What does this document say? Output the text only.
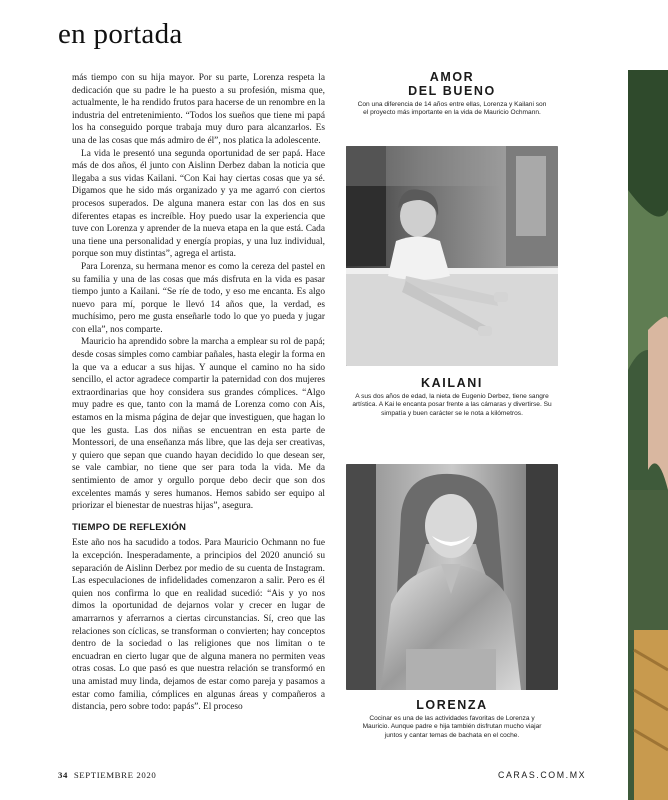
en portada

más tiempo con su hija mayor. Por su parte, Lorenza respeta la dedicación que su padre le ha puesto a su profesión, misma que, actualmente, le ha rendido frutos para hacerse de un renombre en la industria del entretenimiento. “Todos los sueños que tiene mi papá los ha conseguido porque trabaja muy duro para alcanzarlos. Es una de las cosas que más admiro de él”, nos platica la adolescente.

La vida le presentó una segunda oportunidad de ser papá. Hace más de dos años, él junto con Aislinn Derbez daban la noticia que llegaba a sus vidas Kailani. “Con Kai hay ciertas cosas que ya sé. Digamos que he sido más organizado y ya me agarró con ciertos procesos superados. De alguna manera estar con las dos en sus diferentes etapas es increíble. Hoy puedo usar la experiencia que tuve con Lorenza y aprender de la nueva etapa en la que está. Cada una tiene una personalidad y energía propias, y una luz individual, porque son muy distintas”, agrega el artista.

Para Lorenza, su hermana menor es como la cereza del pastel en su familia y una de las cosas que más disfruta en la vida es pasar tiempo junto a Kailani. “Se ríe de todo, y eso me encanta. Es algo nuevo para mí, porque le llevó 14 años que, la verdad, es muchísimo, pero me gusta enseñarle todo lo que yo pueda y jugar con ella”, nos comparte.

Mauricio ha aprendido sobre la marcha a emplear su rol de papá; desde cosas simples como cambiar pañales, hasta elegir la forma en la que va a educar a sus hijas. Y aunque el camino no ha sido sencillo, el actor agradece compartir la paternidad con dos mujeres extraordinarias que hoy considera sus grandes cómplices. “Algo muy padre es que, tanto con la mamá de Lorenza como con Ais, estamos en la misma página de dejar que investiguen, que hagan lo que les gusta. Las dos niñas se encuentran en esta parte de Montessori, de una enseñanza más libre, que las deja ser creativas, y quiero que sepan que cuando hayan decidido lo que desean ser, se vale cambiar, no tiene que ser para toda la vida. Me da sentimiento de amor y orgullo porque debo decir que son dos excelentes mamás y seres humanos. Hemos sabido ser equipo al priorizar el bienestar de nuestras hijas”, asegura.

TIEMPO DE REFLEXIÓN

Este año nos ha sacudido a todos. Para Mauricio Ochmann no fue la excepción. Inesperadamente, a principios del 2020 anunció su separación de Aislinn Derbez por medio de su cuenta de Instagram. Las especulaciones de infidelidades comenzaron a salir. Pero es él quien nos confirma lo que en realidad sucedió: “Ais y yo nos dimos la oportunidad de dejarnos volar y crecer en lugar de amarrarnos y aferrarnos a ciertas circunstancias. Sí, creo que las relaciones son cíclicas, se transforman o convierten; hay conceptos dentro de la sociedad o las religiones que nos limitan o te encuadran en cierto lugar que de alguna manera no permiten veas otras cosas. Lo que pasó es que nuestra relación se transformó en una amistad muy linda, dejamos de estar como pareja y pasamos a estar como familia, cómplices en algunas áreas y compañeros a distancia, pero sobre todo: papás”. El proceso

AMOR
DEL BUENO
Con una diferencia de 14 años entre ellas, Lorenza y Kailani son el proyecto más importante en la vida de Mauricio Ochmann.
KAILANI
A sus dos años de edad, la nieta de Eugenio Derbez, tiene sangre artística. A Kai le encanta posar frente a las cámaras y divertirse. Su simpatía y buen carácter se le nota a kilómetros.
LORENZA
Cocinar es una de las actividades favoritas de Lorenza y Mauricio. Aunque padre e hija también disfrutan mucho viajar juntos y cantar temas de bachata en el coche.
34 SEPTIEMBRE 2020	CARAS.COM.MX
